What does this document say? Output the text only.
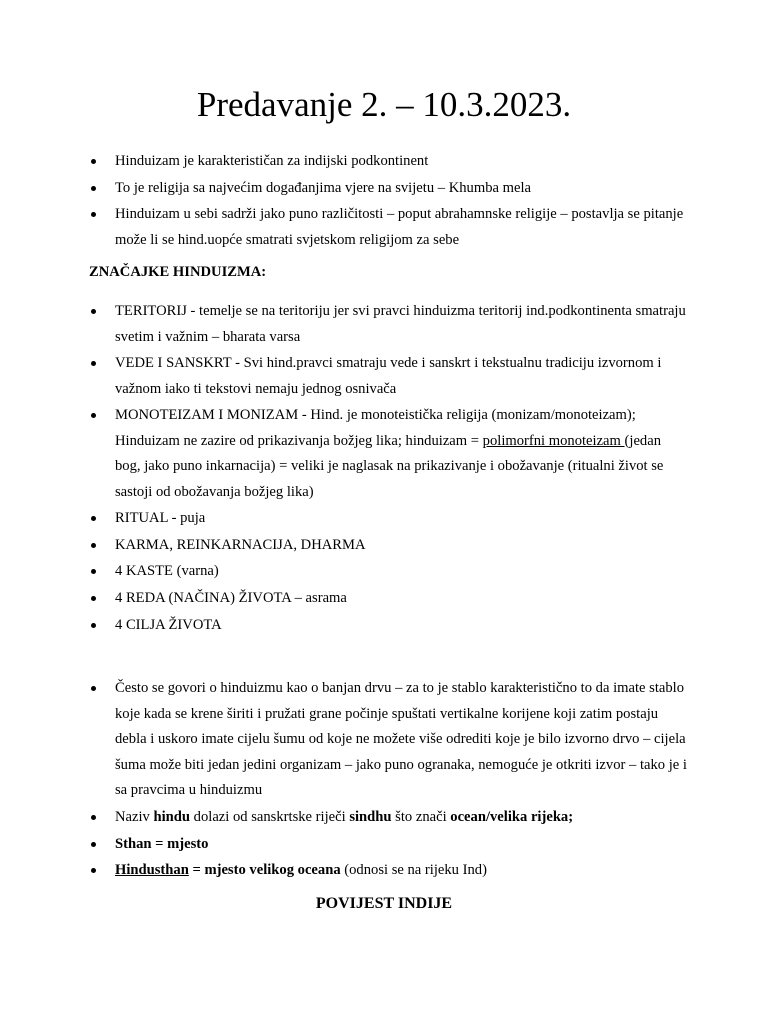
Predavanje 2. – 10.3.2023.
Hinduizam je karakterističan za indijski podkontinent
To je religija sa najvećim događanjima vjere na svijetu – Khumba mela
Hinduizam u sebi sadrži jako puno različitosti – poput abrahamnske religije – postavlja se pitanje može li se hind.uopće smatrati svjetskom religijom za sebe

ZNAČAJKE HINDUIZMA:

TERITORIJ - temelje se na teritoriju jer svi pravci hinduizma teritorij ind.podkontinenta smatraju svetim i važnim – bharata varsa
VEDE I SANSKRT - Svi hind.pravci smatraju vede i sanskrt i tekstualnu tradiciju izvornom i važnom iako ti tekstovi nemaju jednog osnivača
MONOTEIZAM I MONIZAM - Hind. je monoteistička religija (monizam/monoteizam); Hinduizam ne zazire od prikazivanja božjeg lika; hinduizam = polimorfni monoteizam (jedan bog, jako puno inkarnacija) = veliki je naglasak na prikazivanje i obožavanje (ritualni život se sastoji od obožavanja božjeg lika)
RITUAL - puja
KARMA, REINKARNACIJA, DHARMA
4 KASTE (varna)
4 REDA (NAČINA) ŽIVOTA – asrama
4 CILJA ŽIVOTA
Često se govori o hinduizmu kao o banjan drvu – za to je stablo karakteristično to da imate stablo koje kada se krene širiti i pružati grane počinje spuštati vertikalne korijene koji zatim postaju debla i uskoro imate cijelu šumu od koje ne možete više odrediti koje je bilo izvorno drvo – cijela šuma može biti jedan jedini organizam – jako puno ogranaka, nemoguće je otkriti izvor – tako je i sa pravcima u hinduizmu
Naziv hindu dolazi od sanskrtske riječi sindhu što znači ocean/velika rijeka;
Sthan = mjesto
Hindusthan = mjesto velikog oceana (odnosi se na rijeku Ind)

POVIJEST INDIJE
